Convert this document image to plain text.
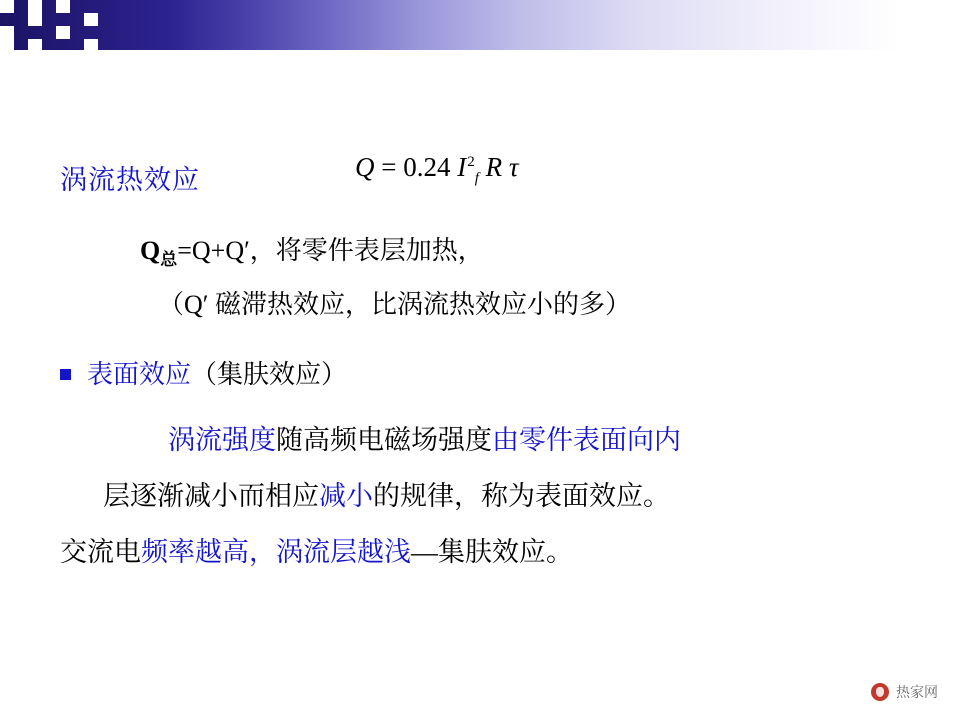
涡流热效应	Q = 0.24 $I^2_f$ R τ
$Q_总=Q+Q'$，将零件表层加热，
（Q′ 磁滞热效应，比涡流热效应小的多）
表面效应（集肤效应）
涡流强度随高频电磁场强度由零件表面向内
层逐渐减小而相应减小的规律，称为表面效应。
交流电频率越高，涡流层越浅—集肤效应。
热家网
